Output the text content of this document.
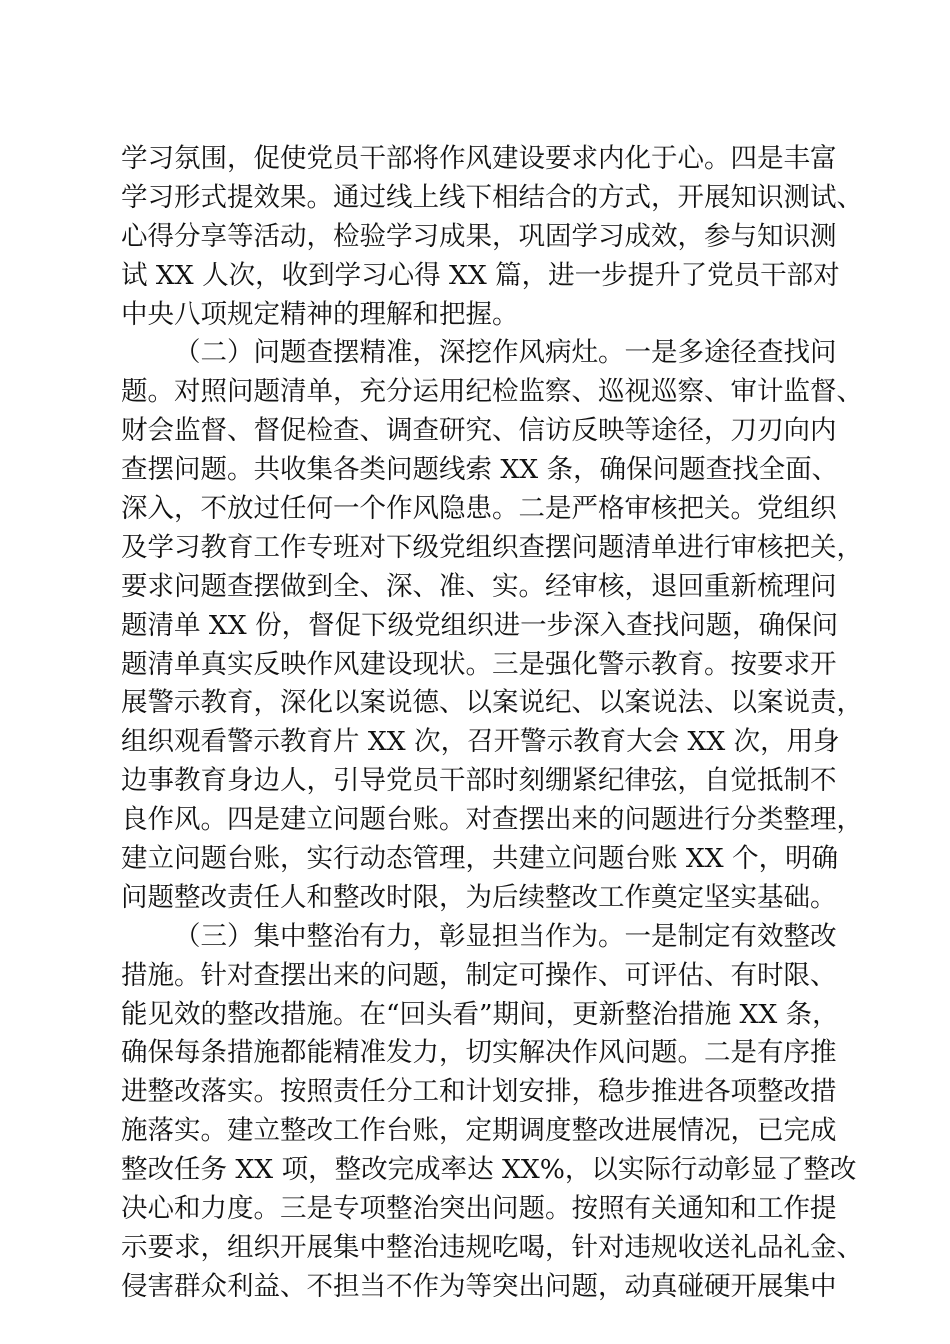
学习氛围，促使党员干部将作风建设要求内化于心。四是丰富
学习形式提效果。通过线上线下相结合的方式，开展知识测试、
心得分享等活动，检验学习成果，巩固学习成效，参与知识测
试 XX 人次，收到学习心得 XX 篇，进一步提升了党员干部对
中央八项规定精神的理解和把握。
（二）问题查摆精准，深挖作风病灶。一是多途径查找问
题。对照问题清单，充分运用纪检监察、巡视巡察、审计监督、
财会监督、督促检查、调查研究、信访反映等途径，刀刃向内
查摆问题。共收集各类问题线索 XX 条，确保问题查找全面、
深入，不放过任何一个作风隐患。二是严格审核把关。党组织
及学习教育工作专班对下级党组织查摆问题清单进行审核把关，
要求问题查摆做到全、深、准、实。经审核，退回重新梳理问
题清单 XX 份，督促下级党组织进一步深入查找问题，确保问
题清单真实反映作风建设现状。三是强化警示教育。按要求开
展警示教育，深化以案说德、以案说纪、以案说法、以案说责，
组织观看警示教育片 XX 次，召开警示教育大会 XX 次，用身
边事教育身边人，引导党员干部时刻绷紧纪律弦，自觉抵制不
良作风。四是建立问题台账。对查摆出来的问题进行分类整理，
建立问题台账，实行动态管理，共建立问题台账 XX 个，明确
问题整改责任人和整改时限，为后续整改工作奠定坚实基础。
（三）集中整治有力，彰显担当作为。一是制定有效整改
措施。针对查摆出来的问题，制定可操作、可评估、有时限、
能见效的整改措施。在“回头看”期间，更新整治措施 XX 条，
确保每条措施都能精准发力，切实解决作风问题。二是有序推
进整改落实。按照责任分工和计划安排，稳步推进各项整改措
施落实。建立整改工作台账，定期调度整改进展情况，已完成
整改任务 XX 项，整改完成率达 XX%，以实际行动彰显了整改
决心和力度。三是专项整治突出问题。按照有关通知和工作提
示要求，组织开展集中整治违规吃喝，针对违规收送礼品礼金、
侵害群众利益、不担当不作为等突出问题，动真碰硬开展集中
